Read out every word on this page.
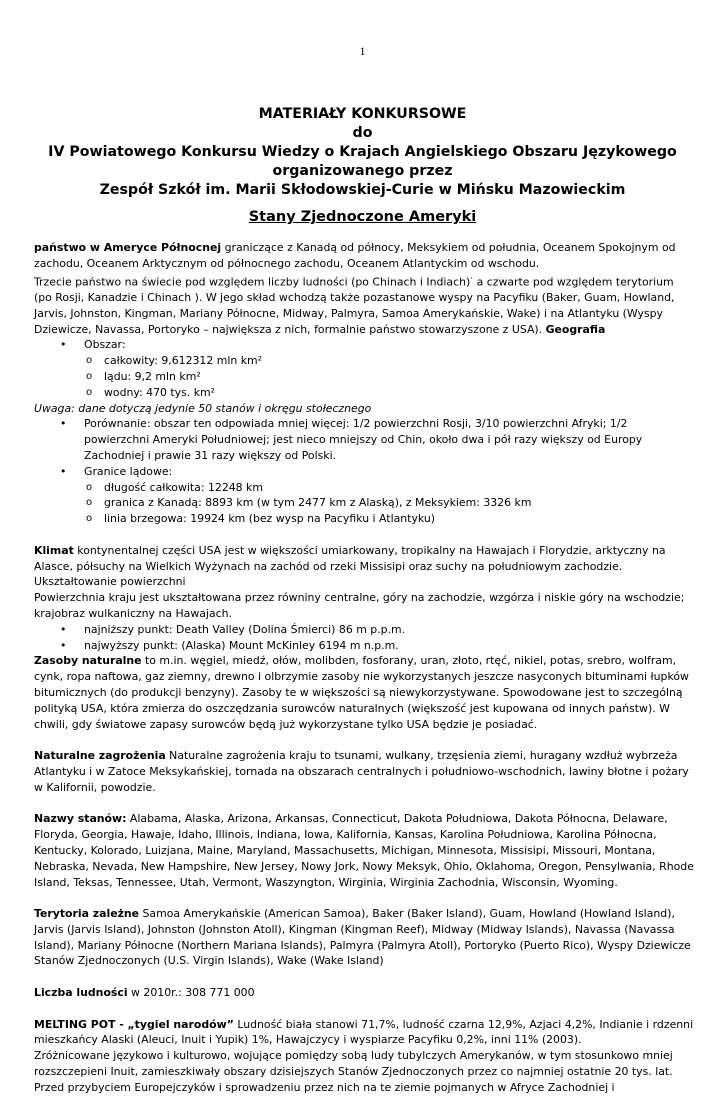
1
MATERIAŁY KONKURSOWE
do
IV Powiatowego Konkursu Wiedzy o Krajach Angielskiego Obszaru Językowego
organizowanego przez
Zespół Szkół im. Marii Skłodowskiej-Curie w Mińsku Mazowieckim
Stany Zjednoczone Ameryki

państwo w Ameryce Północnej graniczące z Kanadą od północy, Meksykiem od południa, Oceanem Spokojnym od zachodu, Oceanem Arktycznym od północnego zachodu, Oceanem Atlantyckim od wschodu.

Trzecie państwo na świecie pod względem liczby ludności (po Chinach i Indiach)· a czwarte pod względem terytorium (po Rosji, Kanadzie i Chinach ). W jego skład wchodzą także pozastanowe wyspy na Pacyfiku (Baker, Guam, Howland, Jarvis, Johnston, Kingman, Mariany Północne, Midway, Palmyra, Samoa Amerykańskie, Wake) i na Atlantyku (Wyspy Dziewicze, Navassa, Portoryko – największa z nich, formalnie państwo stowarzyszone z USA). Geografia

• Obszar:
o całkowity: 9,612312 mln km²
o lądu: 9,2 mln km²
o wodny: 470 tys. km²

Uwaga: dane dotyczą jedynie 50 stanów i okręgu stołecznego

• Porównanie: obszar ten odpowiada mniej więcej: 1/2 powierzchni Rosji, 3/10 powierzchni Afryki; 1/2 powierzchni Ameryki Południowej; jest nieco mniejszy od Chin, około dwa i pół razy większy od Europy Zachodniej i prawie 31 razy większy od Polski.
• Granice lądowe:
o długość całkowita: 12248 km
o granica z Kanadą: 8893 km (w tym 2477 km z Alaską), z Meksykiem: 3326 km
o linia brzegowa: 19924 km (bez wysp na Pacyfiku i Atlantyku)

Klimat kontynentalnej części USA jest w większości umiarkowany, tropikalny na Hawajach i Florydzie, arktyczny na Alasce, półsuchy na Wielkich Wyżynach na zachód od rzeki Missisipi oraz suchy na południowym zachodzie.

Ukształtowanie powierzchni

Powierzchnia kraju jest ukształtowana przez równiny centralne, góry na zachodzie, wzgórza i niskie góry na wschodzie; krajobraz wulkaniczny na Hawajach.

• najniższy punkt: Death Valley (Dolina Śmierci) 86 m p.p.m.
• najwyższy punkt: (Alaska) Mount McKinley 6194 m n.p.m.

Zasoby naturalne to m.in. węgiel, miedź, ołów, molibden, fosforany, uran, złoto, rtęć, nikiel, potas, srebro, wolfram, cynk, ropa naftowa, gaz ziemny, drewno i olbrzymie zasoby nie wykorzystanych jeszcze nasyconych bituminami łupków bitumicznych (do produkcji benzyny). Zasoby te w większości są niewykorzystywane. Spowodowane jest to szczególną polityką USA, która zmierza do oszczędzania surowców naturalnych (większość jest kupowana od innych państw). W chwili, gdy światowe zapasy surowców będą już wykorzystane tylko USA będzie je posiadać.

Naturalne zagrożenia Naturalne zagrożenia kraju to tsunami, wulkany, trzęsienia ziemi, huragany wzdłuż wybrzeża Atlantyku i w Zatoce Meksykańskiej, tornada na obszarach centralnych i południowo-wschodnich, lawiny błotne i pożary w Kalifornii, powodzie.

Nazwy stanów: Alabama, Alaska, Arizona, Arkansas, Connecticut, Dakota Południowa, Dakota Północna, Delaware, Floryda, Georgia, Hawaje, Idaho, Illinois, Indiana, Iowa, Kalifornia, Kansas, Karolina Południowa, Karolina Północna, Kentucky, Kolorado, Luizjana, Maine, Maryland, Massachusetts, Michigan, Minnesota, Missisipi, Missouri, Montana, Nebraska, Nevada, New Hampshire, New Jersey, Nowy Jork, Nowy Meksyk, Ohio, Oklahoma, Oregon, Pensylwania, Rhode Island, Teksas, Tennessee, Utah, Vermont, Waszyngton, Wirginia, Wirginia Zachodnia, Wisconsin, Wyoming.

Terytoria zależne Samoa Amerykańskie (American Samoa), Baker (Baker Island), Guam, Howland (Howland Island), Jarvis (Jarvis Island), Johnston (Johnston Atoll), Kingman (Kingman Reef), Midway (Midway Islands), Navassa (Navassa Island), Mariany Północne (Northern Mariana Islands), Palmyra (Palmyra Atoll), Portoryko (Puerto Rico), Wyspy Dziewicze Stanów Zjednoczonych (U.S. Virgin Islands), Wake (Wake Island)

Liczba ludności w 2010r.: 308 771 000

MELTING POT - „tygiel narodów” Ludność biała stanowi 71,7%, ludność czarna 12,9%, Azjaci 4,2%, Indianie i rdzenni mieszkańcy Alaski (Aleuci, Inuit i Yupik) 1%, Hawajczycy i wyspiarze Pacyfiku 0,2%, inni 11% (2003).

Zróżnicowane językowo i kulturowo, wojujące pomiędzy sobą ludy tubylczych Amerykanów, w tym stosunkowo mniej rozszczepieni Inuit, zamieszkiwały obszary dzisiejszych Stanów Zjednoczonych przez co najmniej ostatnie 20 tys. lat. Przed przybyciem Europejczyków i sprowadzeniu przez nich na te ziemie pojmanych w Afryce Zachodniej i
